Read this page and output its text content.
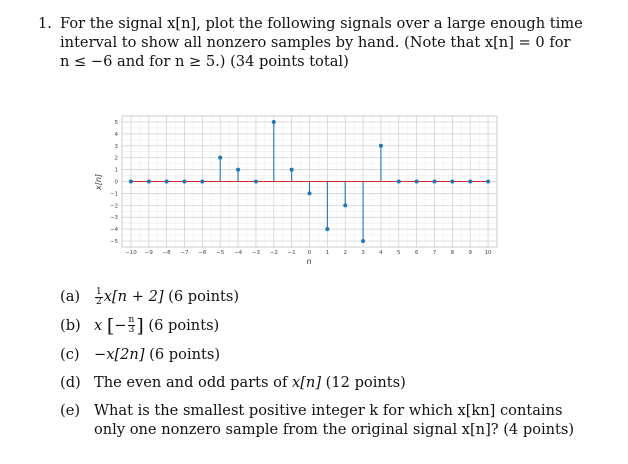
1. For the signal x[n], plot the following signals over a large enough time
interval to show all nonzero samples by hand. (Note that x[n] = 0 for
n ≤ −6 and for n ≥ 5.) (34 points total)
−10 −9 −8 −7 −6 −5 −4 −3 −2 −1 0	1	2	3	4	5	6	7	8	9 10
−5
−4
−3
−2
−1
0
1
2
3
4
5
n
x[n]
$(a) \frac{1}{2} x[n + 2]$ (6 points)
(b) x [− $\frac{n}{3}$ ] (6 points)
(c) −x[2n] (6 points)
(d) The even and odd parts of x[n] (12 points)
(e) What is the smallest positive integer k for which x[kn] contains
only one nonzero sample from the original signal x[n]? (4 points)
